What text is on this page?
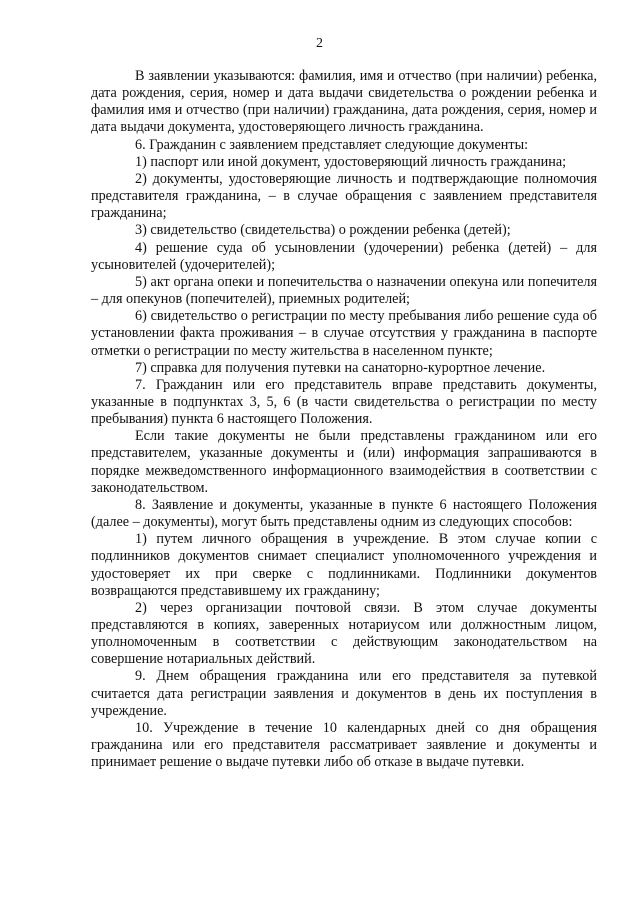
2

В заявлении указываются: фамилия, имя и отчество (при наличии) ребенка, дата рождения, серия, номер и дата выдачи свидетельства о рождении ребенка и фамилия имя и отчество (при наличии) гражданина, дата рождения, серия, номер и дата выдачи документа, удостоверяющего личность гражданина.

6. Гражданин с заявлением представляет следующие документы:

1) паспорт или иной документ, удостоверяющий личность гражданина;

2) документы, удостоверяющие личность и подтверждающие полномочия представителя гражданина, – в случае обращения с заявлением представителя гражданина;

3) свидетельство (свидетельства) о рождении ребенка (детей);

4) решение суда об усыновлении (удочерении) ребенка (детей) – для усыновителей (удочерителей);

5) акт органа опеки и попечительства о назначении опекуна или попечителя – для опекунов (попечителей), приемных родителей;

6) свидетельство о регистрации по месту пребывания либо решение суда об установлении факта проживания – в случае отсутствия у гражданина в паспорте отметки о регистрации по месту жительства в населенном пункте;

7) справка для получения путевки на санаторно-курортное лечение.

7. Гражданин или его представитель вправе представить документы, указанные в подпунктах 3, 5, 6 (в части свидетельства о регистрации по месту пребывания) пункта 6 настоящего Положения.

Если такие документы не были представлены гражданином или его представителем, указанные документы и (или) информация запрашиваются в порядке межведомственного информационного взаимодействия в соответствии с законодательством.

8. Заявление и документы, указанные в пункте 6 настоящего Положения (далее – документы), могут быть представлены одним из следующих способов:

1) путем личного обращения в учреждение. В этом случае копии с подлинников документов снимает специалист уполномоченного учреждения и удостоверяет их при сверке с подлинниками. Подлинники документов возвращаются представившему их гражданину;

2) через организации почтовой связи. В этом случае документы представляются в копиях, заверенных нотариусом или должностным лицом, уполномоченным в соответствии с действующим законодательством на совершение нотариальных действий.

9. Днем обращения гражданина или его представителя за путевкой считается дата регистрации заявления и документов в день их поступления в учреждение.

10. Учреждение в течение 10 календарных дней со дня обращения гражданина или его представителя рассматривает заявление и документы и принимает решение о выдаче путевки либо об отказе в выдаче путевки.
